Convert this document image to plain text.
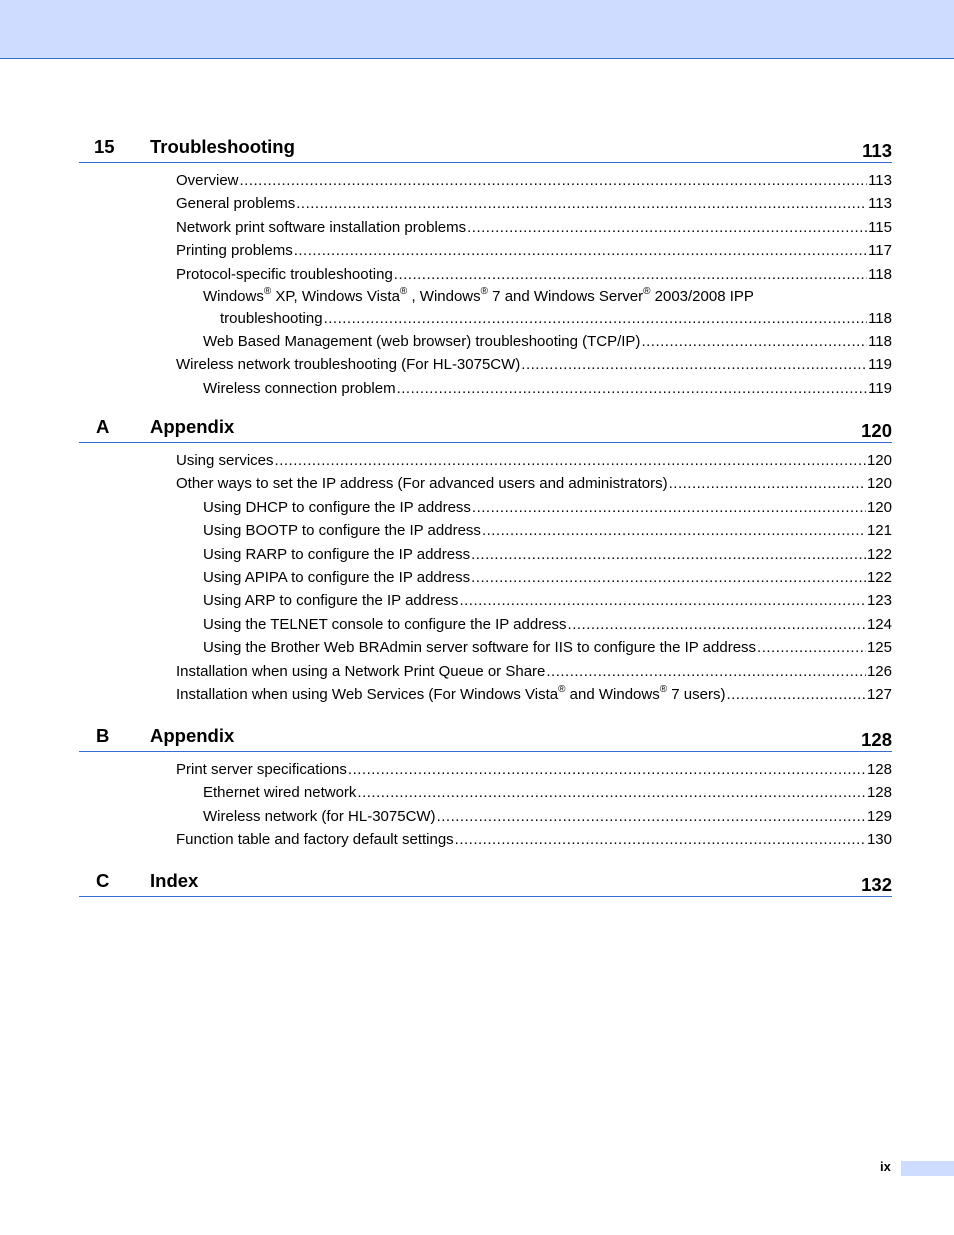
15 Troubleshooting	113
Overview .....	113
General problems .....	113
Network print software installation problems .....	115
Printing problems .....	117
Protocol-specific troubleshooting .....	118
Windows® XP, Windows Vista® , Windows® 7 and Windows Server® 2003/2008 IPP
troubleshooting .....	118
Web Based Management (web browser) troubleshooting (TCP/IP) .....	118
Wireless network troubleshooting (For HL-3075CW) .....	119
Wireless connection problem .....	119
A Appendix	120
Using services .....	120
Other ways to set the IP address (For advanced users and administrators) .....	120
Using DHCP to configure the IP address .....	120
Using BOOTP to configure the IP address .....	121
Using RARP to configure the IP address .....	122
Using APIPA to configure the IP address .....	122
Using ARP to configure the IP address .....	123
Using the TELNET console to configure the IP address .....	124
Using the Brother Web BRAdmin server software for IIS to configure the IP address .....	125
Installation when using a Network Print Queue or Share .....	126
Installation when using Web Services (For Windows Vista® and Windows® 7 users) .....	127
B Appendix	128
Print server specifications .....	128
Ethernet wired network .....	128
Wireless network (for HL-3075CW) .....	129
Function table and factory default settings .....	130
C Index	132
ix
